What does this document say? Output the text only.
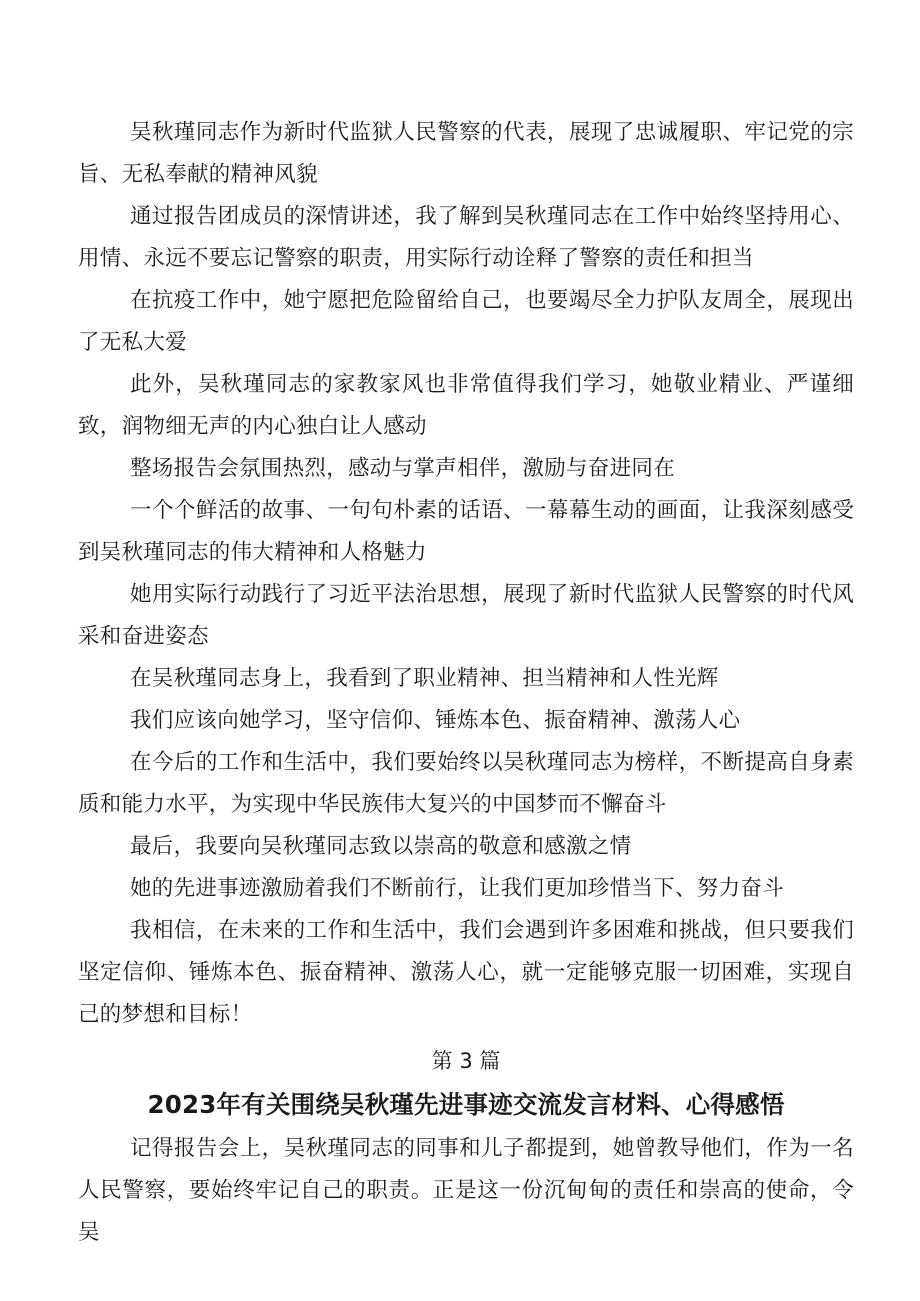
吴秋瑾同志作为新时代监狱人民警察的代表，展现了忠诚履职、牢记党的宗旨、无私奉献的精神风貌

通过报告团成员的深情讲述，我了解到吴秋瑾同志在工作中始终坚持用心、用情、永远不要忘记警察的职责，用实际行动诠释了警察的责任和担当

在抗疫工作中，她宁愿把危险留给自己，也要竭尽全力护队友周全，展现出了无私大爱

此外，吴秋瑾同志的家教家风也非常值得我们学习，她敬业精业、严谨细致，润物细无声的内心独白让人感动

整场报告会氛围热烈，感动与掌声相伴，激励与奋进同在

一个个鲜活的故事、一句句朴素的话语、一幕幕生动的画面，让我深刻感受到吴秋瑾同志的伟大精神和人格魅力

她用实际行动践行了习近平法治思想，展现了新时代监狱人民警察的时代风采和奋进姿态

在吴秋瑾同志身上，我看到了职业精神、担当精神和人性光辉

我们应该向她学习，坚守信仰、锤炼本色、振奋精神、激荡人心

在今后的工作和生活中，我们要始终以吴秋瑾同志为榜样，不断提高自身素质和能力水平，为实现中华民族伟大复兴的中国梦而不懈奋斗

最后，我要向吴秋瑾同志致以崇高的敬意和感激之情

她的先进事迹激励着我们不断前行，让我们更加珍惜当下、努力奋斗

我相信，在未来的工作和生活中，我们会遇到许多困难和挑战，但只要我们坚定信仰、锤炼本色、振奋精神、激荡人心，就一定能够克服一切困难，实现自己的梦想和目标！

第 3 篇
2023年有关围绕吴秋瑾先进事迹交流发言材料、心得感悟

记得报告会上，吴秋瑾同志的同事和儿子都提到，她曾教导他们，作为一名人民警察，要始终牢记自己的职责。正是这一份沉甸甸的责任和崇高的使命，令吴
